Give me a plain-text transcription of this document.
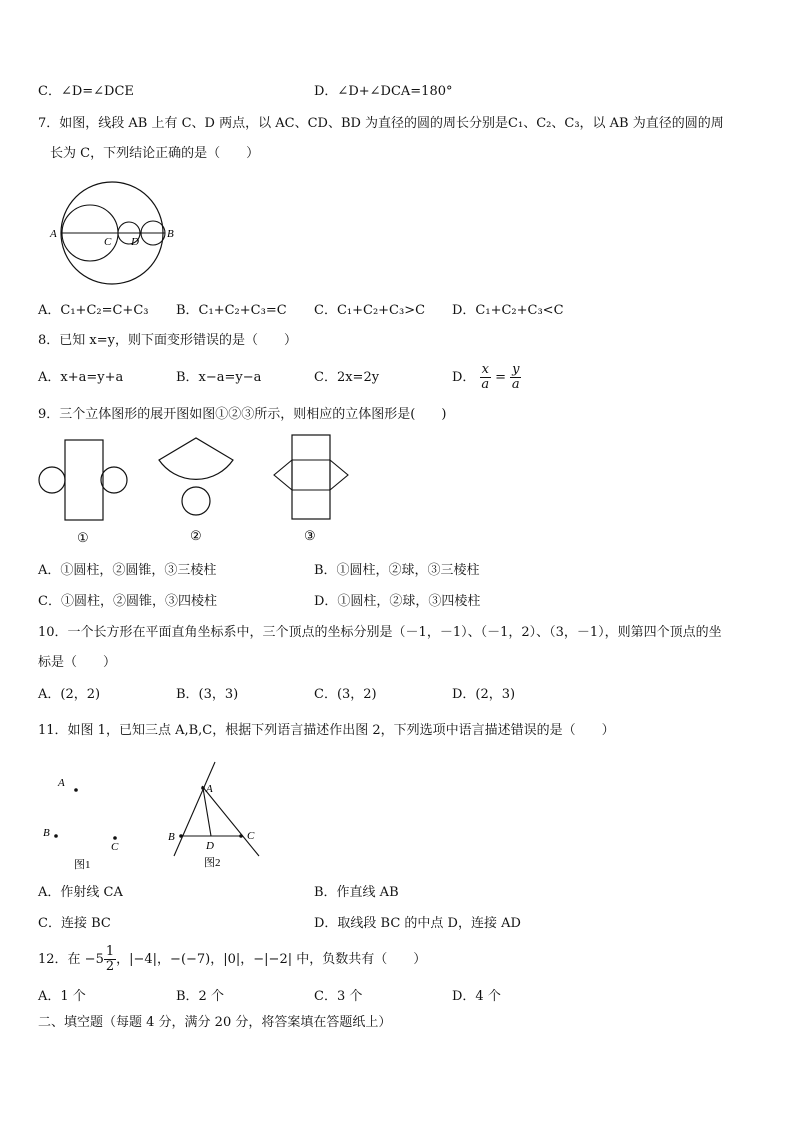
C．∠D=∠DCE	D．∠D+∠DCA=180°
7．如图，线段 AB 上有 C、D 两点，以 AC、CD、BD 为直径的圆的周长分别是C₁、C₂、C₃，以 AB 为直径的圆的周
长为 C，下列结论正确的是（　　）
A
C D
B
A．C₁+C₂=C+C₃ B．C₁+C₂+C₃=C C．C₁+C₂+C₃>C D．C₁+C₂+C₃<C
8．已知 x=y，则下面变形错误的是（　　）
A．x+a=y+a	B．x−a=y−a	C．2x=2y	D． $\frac{x}{a} = \frac{y}{a}$
9．三个立体图形的展开图如图①②③所示，则相应的立体图形是(　　)
①	②	③
A．①圆柱，②圆锥，③三棱柱	B．①圆柱，②球，③三棱柱
C．①圆柱，②圆锥，③四棱柱	D．①圆柱，②球，③四棱柱
10．一个长方形在平面直角坐标系中，三个顶点的坐标分别是（－1，－1）、（－1，2）、（3，－1），则第四个顶点的坐
标是（　　）
A．(2，2)	B．(3，3)	C．(3，2)	D．(2，3)
11．如图 1，已知三点 A,B,C，根据下列语言描述作出图 2，下列选项中语言描述错误的是（　　）
A
B
C
图1
A
B	C
D
图2
A．作射线 CA	B．作直线 AB
C．连接 BC	D．取线段 BC 的中点 D，连接 AD
12．在 $-5 \frac{1}{2}$ ，|−4|，−(−7)，|0|，−|−2| 中，负数共有（　　）
A．1 个	B．2 个	C．3 个	D．4 个
二、填空题（每题 4 分，满分 20 分，将答案填在答题纸上）
